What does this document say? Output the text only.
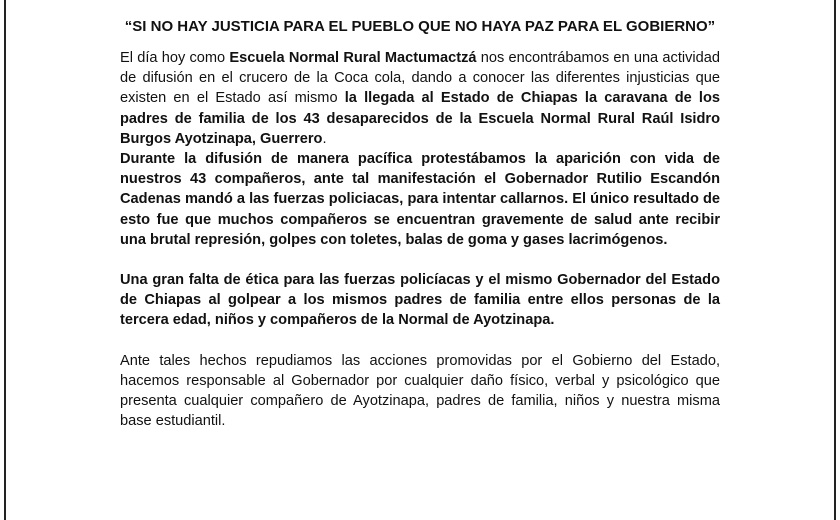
“SI NO HAY JUSTICIA PARA EL PUEBLO QUE NO HAYA PAZ PARA EL GOBIERNO”

El día hoy como Escuela Normal Rural Mactumactzá nos encontrábamos en una actividad de difusión en el crucero de la Coca cola, dando a conocer las diferentes injusticias que existen en el Estado así mismo la llegada al Estado de Chiapas la caravana de los padres de familia de los 43 desaparecidos de la Escuela Normal Rural Raúl Isidro Burgos Ayotzinapa, Guerrero.

Durante la difusión de manera pacífica protestábamos la aparición con vida de nuestros 43 compañeros, ante tal manifestación el Gobernador Rutilio Escandón Cadenas mandó a las fuerzas policiacas, para intentar callarnos. El único resultado de esto fue que muchos compañeros se encuentran gravemente de salud ante recibir una brutal represión, golpes con toletes, balas de goma y gases lacrimógenos.

Una gran falta de ética para las fuerzas policíacas y el mismo Gobernador del Estado de Chiapas al golpear a los mismos padres de familia entre ellos personas de la tercera edad, niños y compañeros de la Normal de Ayotzinapa.

Ante tales hechos repudiamos las acciones promovidas por el Gobierno del Estado, hacemos responsable al Gobernador por cualquier daño físico, verbal y psicológico que presenta cualquier compañero de Ayotzinapa, padres de familia, niños y nuestra misma base estudiantil.
